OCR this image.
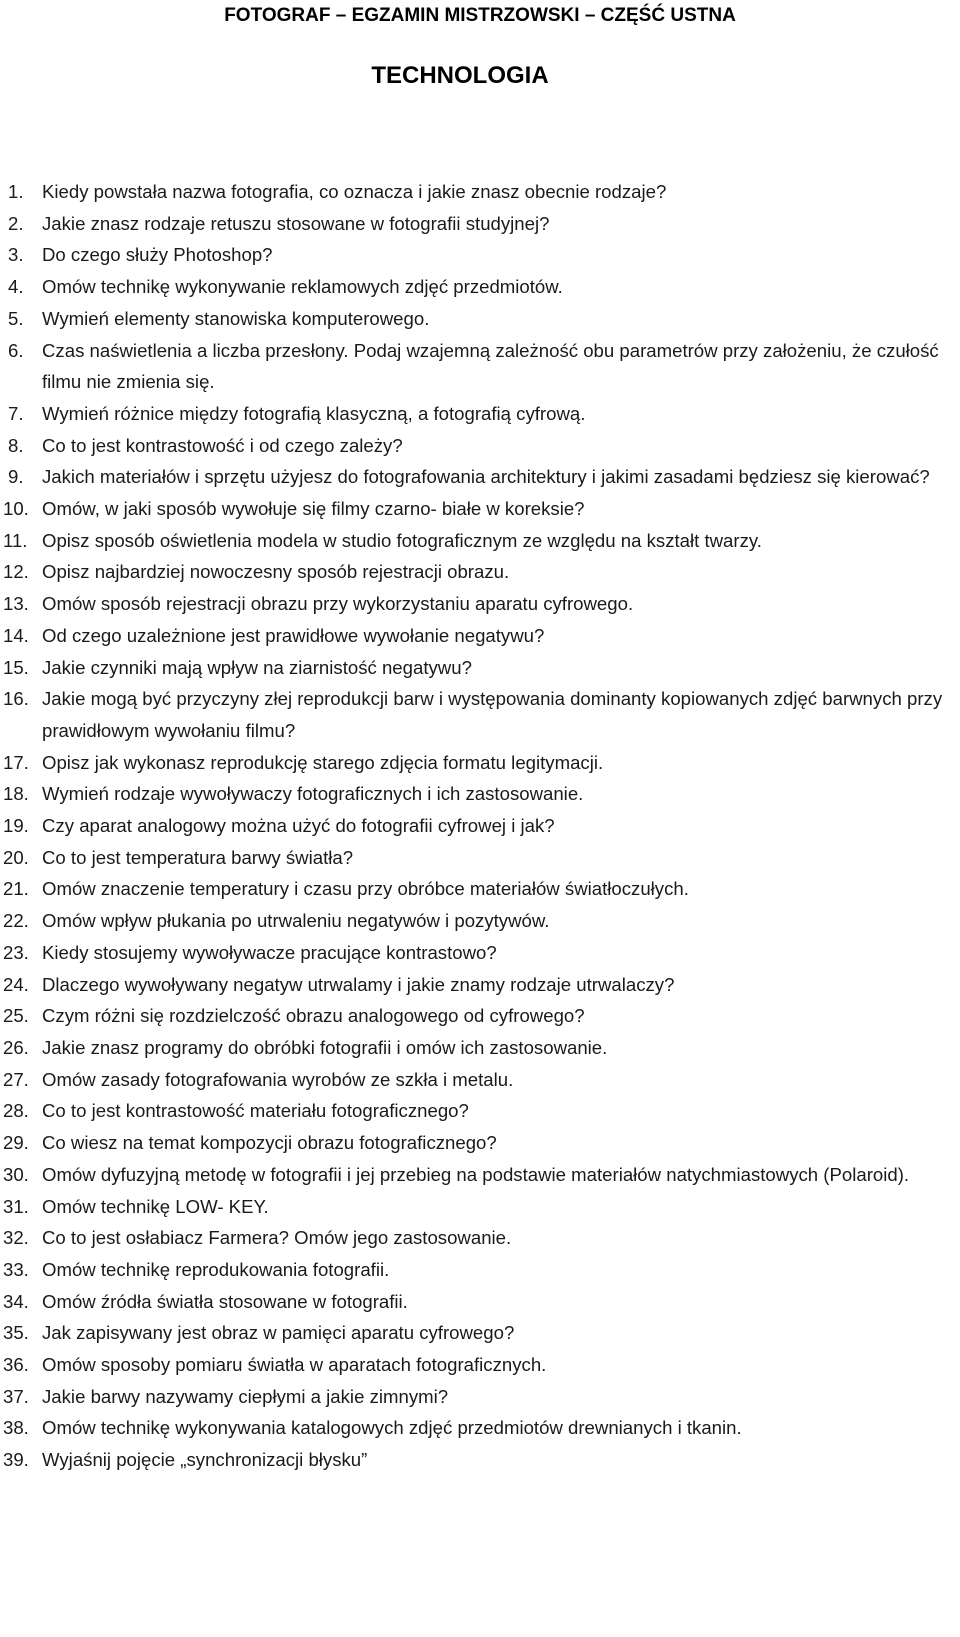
FOTOGRAF – EGZAMIN MISTRZOWSKI – CZĘŚĆ USTNA
TECHNOLOGIA
1. Kiedy powstała nazwa fotografia, co oznacza i jakie znasz obecnie rodzaje?
2. Jakie znasz rodzaje retuszu stosowane w fotografii studyjnej?
3. Do czego służy Photoshop?
4. Omów technikę wykonywanie reklamowych zdjęć przedmiotów.
5. Wymień elementy stanowiska komputerowego.
6. Czas naświetlenia a liczba przesłony. Podaj wzajemną zależność obu parametrów przy założeniu, że czułość filmu nie zmienia się.
7. Wymień różnice między fotografią klasyczną, a fotografią cyfrową.
8. Co to jest kontrastowość i od czego zależy?
9. Jakich materiałów i sprzętu użyjesz do fotografowania architektury i jakimi zasadami będziesz się kierować?
10. Omów, w jaki sposób wywołuje się filmy czarno- białe w koreksie?
11. Opisz sposób oświetlenia modela w studio fotograficznym ze względu na kształt twarzy.
12. Opisz najbardziej nowoczesny sposób rejestracji obrazu.
13. Omów sposób rejestracji obrazu przy wykorzystaniu aparatu cyfrowego.
14. Od czego uzależnione jest prawidłowe wywołanie negatywu?
15. Jakie czynniki mają wpływ na ziarnistość negatywu?
16. Jakie mogą być przyczyny złej reprodukcji barw i występowania dominanty kopiowanych zdjęć barwnych przy prawidłowym wywołaniu filmu?
17. Opisz jak wykonasz reprodukcję starego zdjęcia formatu legitymacji.
18. Wymień rodzaje wywoływaczy fotograficznych i ich zastosowanie.
19. Czy aparat analogowy można użyć do fotografii cyfrowej i jak?
20. Co to jest temperatura barwy światła?
21. Omów znaczenie temperatury i czasu przy obróbce materiałów światłoczułych.
22. Omów wpływ płukania po utrwaleniu negatywów i pozytywów.
23. Kiedy stosujemy wywoływacze pracujące kontrastowo?
24. Dlaczego wywoływany negatyw utrwalamy i jakie znamy rodzaje utrwalaczy?
25. Czym różni się rozdzielczość obrazu analogowego od cyfrowego?
26. Jakie znasz programy do obróbki fotografii i omów ich zastosowanie.
27. Omów zasady fotografowania wyrobów ze szkła i metalu.
28. Co to jest kontrastowość materiału fotograficznego?
29. Co wiesz na temat kompozycji obrazu fotograficznego?
30. Omów dyfuzyjną metodę w fotografii i jej przebieg na podstawie materiałów natychmiastowych (Polaroid).
31. Omów technikę LOW- KEY.
32. Co to jest osłabiacz Farmera? Omów jego zastosowanie.
33. Omów technikę reprodukowania fotografii.
34. Omów źródła światła stosowane w fotografii.
35. Jak zapisywany jest obraz w pamięci aparatu cyfrowego?
36. Omów sposoby pomiaru światła w aparatach fotograficznych.
37. Jakie barwy nazywamy ciepłymi a jakie zimnymi?
38. Omów technikę wykonywania katalogowych zdjęć przedmiotów drewnianych i tkanin.
39. Wyjaśnij pojęcie „synchronizacji błysku”
